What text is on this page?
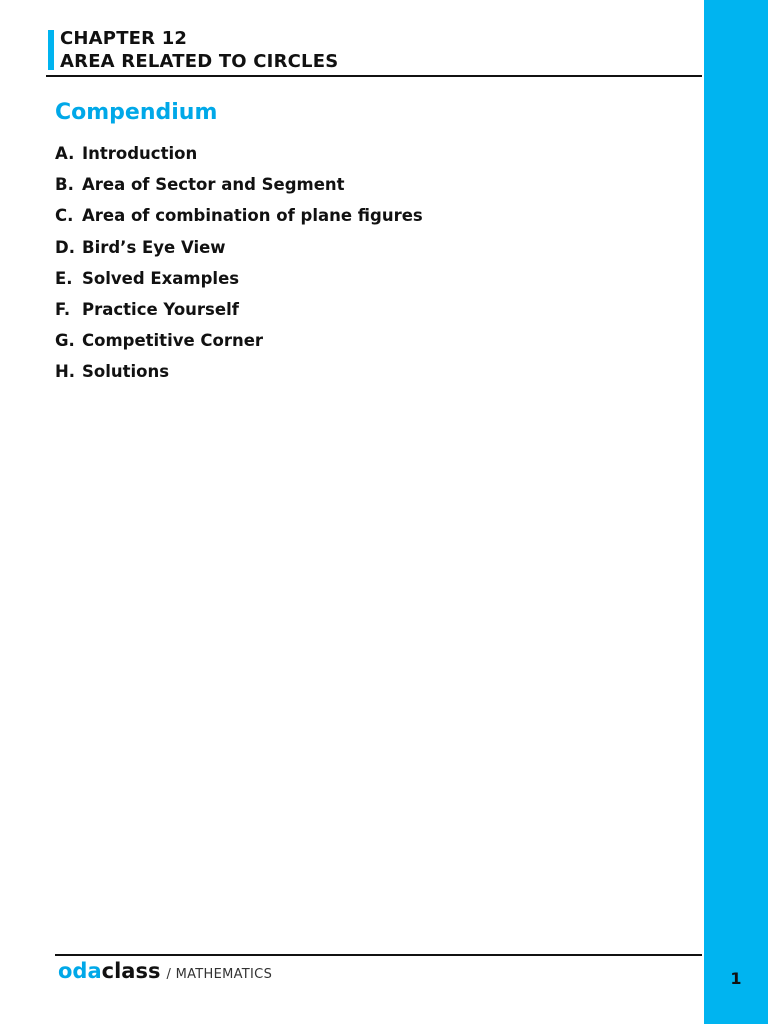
CHAPTER 12
AREA RELATED TO CIRCLES
Compendium
A. Introduction
B. Area of Sector and Segment
C. Area of combination of plane figures
D. Bird’s Eye View
E. Solved Examples
F. Practice Yourself
G. Competitive Corner
H. Solutions
odaclass / MATHEMATICS	1
